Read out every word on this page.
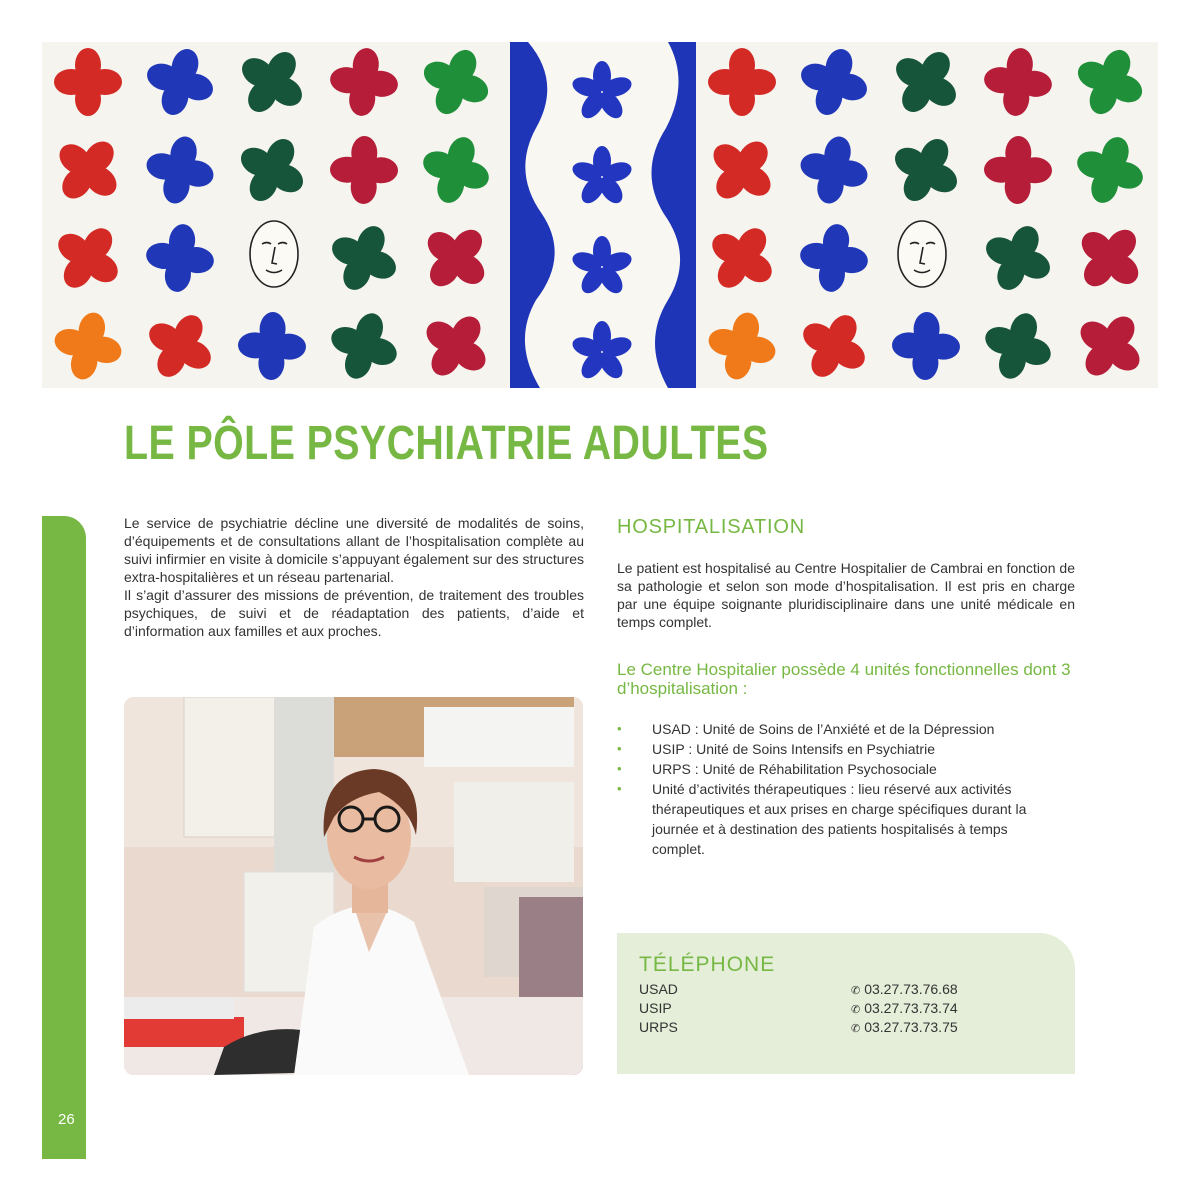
LE PÔLE PSYCHIATRIE ADULTES
26

Le service de psychiatrie décline une diversité de modalités de soins, d’équipements et de consultations allant de l’hospitalisation complète au suivi infirmier en visite à domicile s’appuyant également sur des structures extra-hospitalières et un réseau partenarial.

Il s’agit d’assurer des missions de prévention, de traitement des troubles psychiques, de suivi et de réadaptation des patients, d’aide et d’information aux familles et aux proches.

HOSPITALISATION

Le patient est hospitalisé au Centre Hospitalier de Cambrai en fonction de sa pathologie et selon son mode d’hospitalisation. Il est pris en charge par une équipe soignante pluridisciplinaire dans une unité médicale en temps complet.

Le Centre Hospitalier possède 4 unités fonctionnelles dont 3 d’hospitalisation :

• USAD : Unité de Soins de l’Anxiété et de la Dépression
• USIP : Unité de Soins Intensifs en Psychiatrie
• URPS : Unité de Réhabilitation Psychosociale
• Unité d’activités thérapeutiques : lieu réservé aux activités thérapeutiques et aux prises en charge spécifiques durant la journée et à destination des patients hospitalisés à temps complet.
TÉLÉPHONE
USAD	✆ 03.27.73.76.68
USIP	✆ 03.27.73.73.74
URPS	✆ 03.27.73.73.75
